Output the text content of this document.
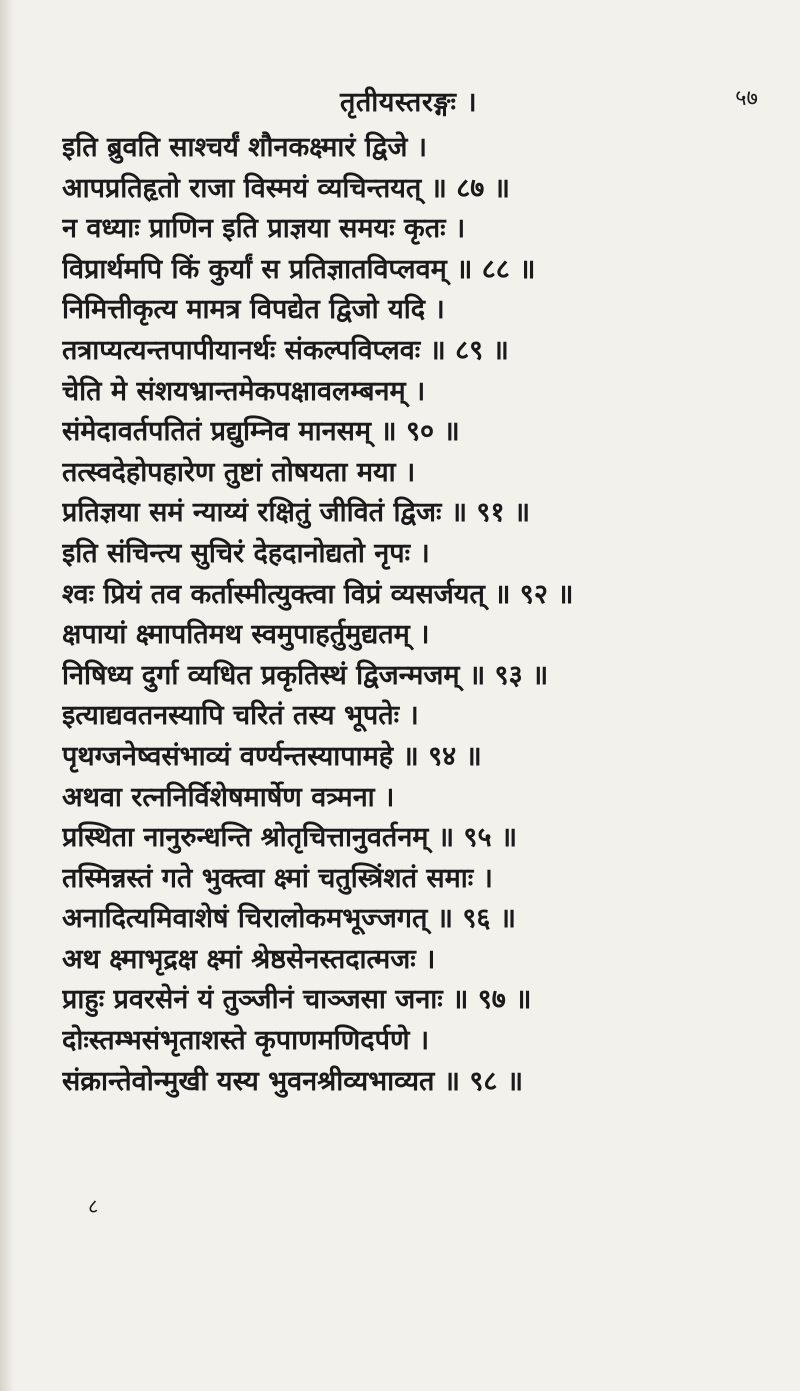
तृतीयस्तरङ्गः ।	५७
इति ब्रुवति साश्चर्यं शौनकक्ष्मारं द्विजे ।
आपप्रतिहृतो राजा विस्मयं व्यचिन्तयत् ॥ ८७ ॥
न वध्याः प्राणिन इति प्राज्ञया समयः कृतः ।
विप्रार्थमपि किं कुर्यां स प्रतिज्ञातविप्लवम् ॥ ८८ ॥
निमित्तीकृत्य मामत्र विपद्येत द्विजो यदि ।
तत्राप्यत्यन्तपापीयानर्थः संकल्पविप्लवः ॥ ८९ ॥
चेति मे संशयभ्रान्तमेकपक्षावलम्बनम् ।
संमेदावर्तपतितं प्रद्युम्निव मानसम् ॥ ९० ॥
तत्स्वदेहोपहारेण तुष्टां तोषयता मया ।
प्रतिज्ञया समं न्याय्यं रक्षितुं जीवितं द्विजः ॥ ९१ ॥
इति संचिन्त्य सुचिरं देहदानोद्यतो नृपः ।
श्वः प्रियं तव कर्तास्मीत्युक्त्वा विप्रं व्यसर्जयत् ॥ ९२ ॥
क्षपायां क्ष्मापतिमथ स्वमुपाहर्तुमुद्यतम् ।
निषिध्य दुर्गा व्यधित प्रकृतिस्थं द्विजन्मजम् ॥ ९३ ॥
इत्याद्यवतनस्यापि चरितं तस्य भूपतेः ।
पृथग्जनेष्वसंभाव्यं वर्ण्यन्तस्यापामहे ॥ ९४ ॥
अथवा रत्ननिर्विशेषमार्षेण वत्र्मना ।
प्रस्थिता नानुरुन्धन्ति श्रोतृचित्तानुवर्तनम् ॥ ९५ ॥
तस्मिन्नस्तं गते भुक्त्वा क्ष्मां चतुस्त्रिंशतं समाः ।
अनादित्यमिवाशेषं चिरालोकमभूज्जगत् ॥ ९६ ॥
अथ क्ष्माभृद्रक्ष क्ष्मां श्रेष्ठसेनस्तदात्मजः ।
प्राहुः प्रवरसेनं यं तुञ्जीनं चाञ्जसा जनाः ॥ ९७ ॥
दोःस्तम्भसंभृताशस्ते कृपाणमणिदर्पणे ।
संक्रान्तेवोन्मुखी यस्य भुवनश्रीव्यभाव्यत ॥ ९८ ॥
८
